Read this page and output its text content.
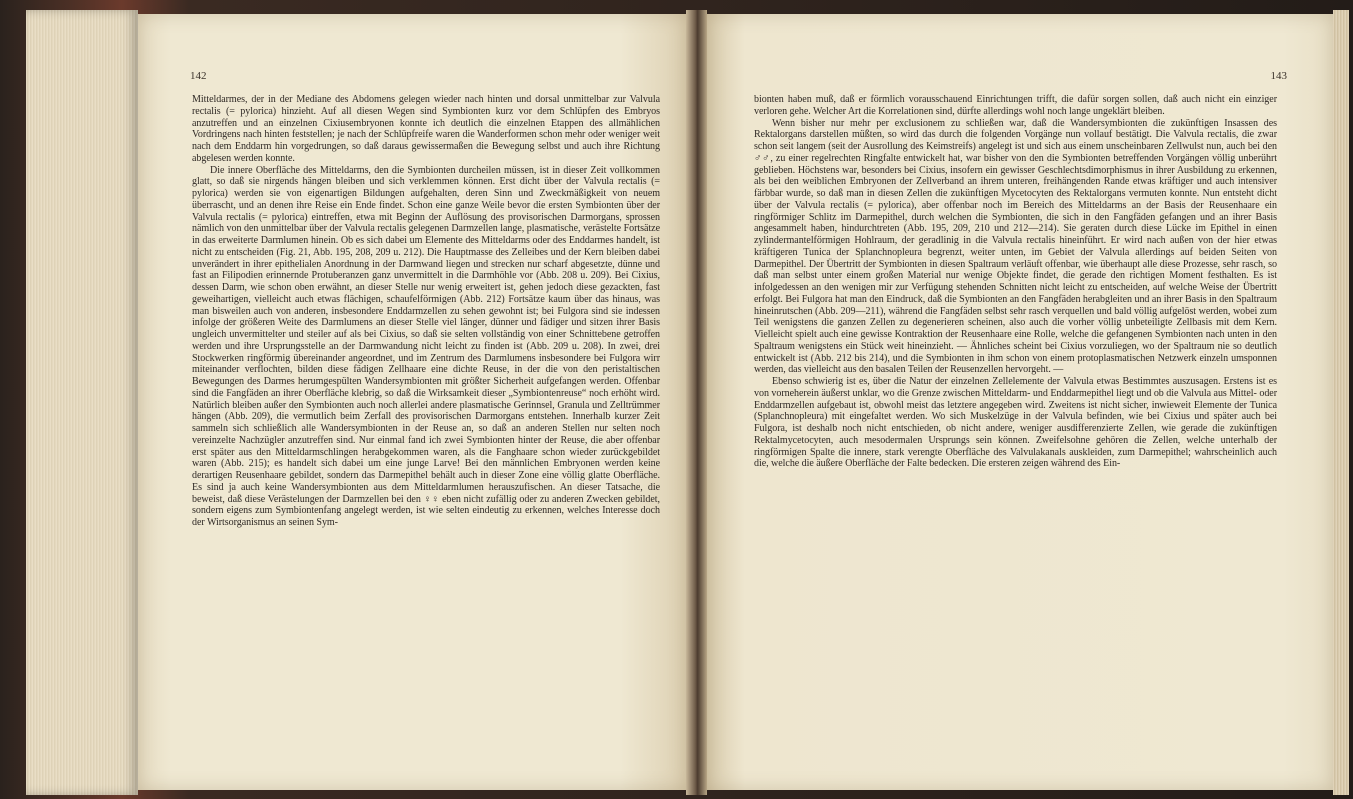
142

Mitteldarmes, der in der Mediane des Abdomens gelegen wieder nach hinten und dorsal unmittelbar zur Valvula rectalis (= pylorica) hinzieht. Auf all diesen Wegen sind Symbionten kurz vor dem Schlüpfen des Embryos anzutreffen und an einzelnen Cixiusembryonen konnte ich deutlich die einzelnen Etappen des allmählichen Vordringens nach hinten feststellen; je nach der Schlüpfreife waren die Wanderformen schon mehr oder weniger weit nach dem Enddarm hin vorgedrungen, so daß daraus gewissermaßen die Bewegung selbst und auch ihre Richtung abgelesen werden konnte.

Die innere Oberfläche des Mitteldarms, den die Symbionten durcheilen müssen, ist in dieser Zeit vollkommen glatt, so daß sie nirgends hängen bleiben und sich verklemmen können. Erst dicht über der Valvula rectalis (= pylorica) werden sie von eigenartigen Bildungen aufgehalten, deren Sinn und Zweckmäßigkeit von neuem überrascht, und an denen ihre Reise ein Ende findet. Schon eine ganze Weile bevor die ersten Symbionten über der Valvula rectalis (= pylorica) eintreffen, etwa mit Beginn der Auflösung des provisorischen Darmorgans, sprossen nämlich von den unmittelbar über der Valvula rectalis gelegenen Darmzellen lange, plasmatische, verästelte Fortsätze in das erweiterte Darmlumen hinein. Ob es sich dabei um Elemente des Mitteldarms oder des Enddarmes handelt, ist nicht zu entscheiden (Fig. 21, Abb. 195, 208, 209 u. 212). Die Hauptmasse des Zelleibes und der Kern bleiben dabei unverändert in ihrer epithelialen Anordnung in der Darmwand liegen und strecken nur scharf abgesetzte, dünne und fast an Filipodien erinnernde Protuberanzen ganz unvermittelt in die Darmhöhle vor (Abb. 208 u. 209). Bei Cixius, dessen Darm, wie schon oben erwähnt, an dieser Stelle nur wenig erweitert ist, gehen jedoch diese gezackten, fast geweihartigen, vielleicht auch etwas flächigen, schaufelförmigen (Abb. 212) Fortsätze kaum über das hinaus, was man bisweilen auch von anderen, insbesondere Enddarmzellen zu sehen gewohnt ist; bei Fulgora sind sie indessen infolge der größeren Weite des Darmlumens an dieser Stelle viel länger, dünner und fädiger und sitzen ihrer Basis ungleich unvermittelter und steiler auf als bei Cixius, so daß sie selten vollständig von einer Schnittebene getroffen werden und ihre Ursprungsstelle an der Darmwandung nicht leicht zu finden ist (Abb. 209 u. 208). In zwei, drei Stockwerken ringförmig übereinander angeordnet, und im Zentrum des Darmlumens insbesondere bei Fulgora wirr miteinander verflochten, bilden diese fädigen Zellhaare eine dichte Reuse, in der die von den peristaltischen Bewegungen des Darmes herumgespülten Wandersymbionten mit größter Sicherheit aufgefangen werden. Offenbar sind die Fangfäden an ihrer Oberfläche klebrig, so daß die Wirksamkeit dieser „Symbiontenreuse“ noch erhöht wird. Natürlich bleiben außer den Symbionten auch noch allerlei andere plasmatische Gerinnsel, Granula und Zelltrümmer hängen (Abb. 209), die vermutlich beim Zerfall des provisorischen Darmorgans entstehen. Innerhalb kurzer Zeit sammeln sich schließlich alle Wandersymbionten in der Reuse an, so daß an anderen Stellen nur selten noch vereinzelte Nachzügler anzutreffen sind. Nur einmal fand ich zwei Symbionten hinter der Reuse, die aber offenbar erst später aus den Mitteldarmschlingen herabgekommen waren, als die Fanghaare schon wieder zurückgebildet waren (Abb. 215); es handelt sich dabei um eine junge Larve! Bei den männlichen Embryonen werden keine derartigen Reusenhaare gebildet, sondern das Darmepithel behält auch in dieser Zone eine völlig glatte Oberfläche. Es sind ja auch keine Wandersymbionten aus dem Mitteldarmlumen herauszufischen. An dieser Tatsache, die beweist, daß diese Verästelungen der Darmzellen bei den ♀♀ eben nicht zufällig oder zu anderen Zwecken gebildet, sondern eigens zum Symbiontenfang angelegt werden, ist wie selten eindeutig zu erkennen, welches Interesse doch der Wirtsorganismus an seinen Sym-

143

bionten haben muß, daß er förmlich vorausschauend Einrichtungen trifft, die dafür sorgen sollen, daß auch nicht ein einziger verloren gehe. Welcher Art die Korrelationen sind, dürfte allerdings wohl noch lange ungeklärt bleiben.

Wenn bisher nur mehr per exclusionem zu schließen war, daß die Wandersymbionten die zukünftigen Insassen des Rektalorgans darstellen müßten, so wird das durch die folgenden Vorgänge nun vollauf bestätigt. Die Valvula rectalis, die zwar schon seit langem (seit der Ausrollung des Keimstreifs) angelegt ist und sich aus einem unscheinbaren Zellwulst nun, auch bei den ♂♂, zu einer regelrechten Ringfalte entwickelt hat, war bisher von den die Symbionten betreffenden Vorgängen völlig unberührt geblieben. Höchstens war, besonders bei Cixius, insofern ein gewisser Geschlechtsdimorphismus in ihrer Ausbildung zu erkennen, als bei den weiblichen Embryonen der Zellverband an ihrem unteren, freihängenden Rande etwas kräftiger und auch intensiver färbbar wurde, so daß man in diesen Zellen die zukünftigen Mycetocyten des Rektalorgans vermuten konnte. Nun entsteht dicht über der Valvula rectalis (= pylorica), aber offenbar noch im Bereich des Mitteldarms an der Basis der Reusenhaare ein ringförmiger Schlitz im Darmepithel, durch welchen die Symbionten, die sich in den Fangfäden gefangen und an ihrer Basis angesammelt haben, hindurchtreten (Abb. 195, 209, 210 und 212—214). Sie geraten durch diese Lücke im Epithel in einen zylindermantelförmigen Hohlraum, der geradlinig in die Valvula rectalis hineinführt. Er wird nach außen von der hier etwas kräftigeren Tunica der Splanchnopleura begrenzt, weiter unten, im Gebiet der Valvula allerdings auf beiden Seiten von Darmepithel. Der Übertritt der Symbionten in diesen Spaltraum verläuft offenbar, wie überhaupt alle diese Prozesse, sehr rasch, so daß man selbst unter einem großen Material nur wenige Objekte findet, die gerade den richtigen Moment festhalten. Es ist infolgedessen an den wenigen mir zur Verfügung stehenden Schnitten nicht leicht zu entscheiden, auf welche Weise der Übertritt erfolgt. Bei Fulgora hat man den Eindruck, daß die Symbionten an den Fangfäden herabgleiten und an ihrer Basis in den Spaltraum hineinrutschen (Abb. 209—211), während die Fangfäden selbst sehr rasch verquellen und bald völlig aufgelöst werden, wobei zum Teil wenigstens die ganzen Zellen zu degenerieren scheinen, also auch die vorher völlig unbeteiligte Zellbasis mit dem Kern. Vielleicht spielt auch eine gewisse Kontraktion der Reusenhaare eine Rolle, welche die gefangenen Symbionten nach unten in den Spaltraum wenigstens ein Stück weit hineinzieht. — Ähnliches scheint bei Cixius vorzuliegen, wo der Spaltraum nie so deutlich entwickelt ist (Abb. 212 bis 214), und die Symbionten in ihm schon von einem protoplasmatischen Netzwerk einzeln umsponnen werden, das vielleicht aus den basalen Teilen der Reusenzellen hervorgeht. —

Ebenso schwierig ist es, über die Natur der einzelnen Zellelemente der Valvula etwas Bestimmtes auszusagen. Erstens ist es von vorneherein äußerst unklar, wo die Grenze zwischen Mitteldarm- und Enddarmepithel liegt und ob die Valvula aus Mittel- oder Enddarmzellen aufgebaut ist, obwohl meist das letztere angegeben wird. Zweitens ist nicht sicher, inwieweit Elemente der Tunica (Splanchnopleura) mit eingefaltet werden. Wo sich Muskelzüge in der Valvula befinden, wie bei Cixius und später auch bei Fulgora, ist deshalb noch nicht entschieden, ob nicht andere, weniger ausdifferenzierte Zellen, wie gerade die zukünftigen Rektalmycetocyten, auch mesodermalen Ursprungs sein können. Zweifelsohne gehören die Zellen, welche unterhalb der ringförmigen Spalte die innere, stark verengte Oberfläche des Valvulakanals auskleiden, zum Darmepithel; wahrscheinlich auch die, welche die äußere Oberfläche der Falte bedecken. Die ersteren zeigen während des Ein-
